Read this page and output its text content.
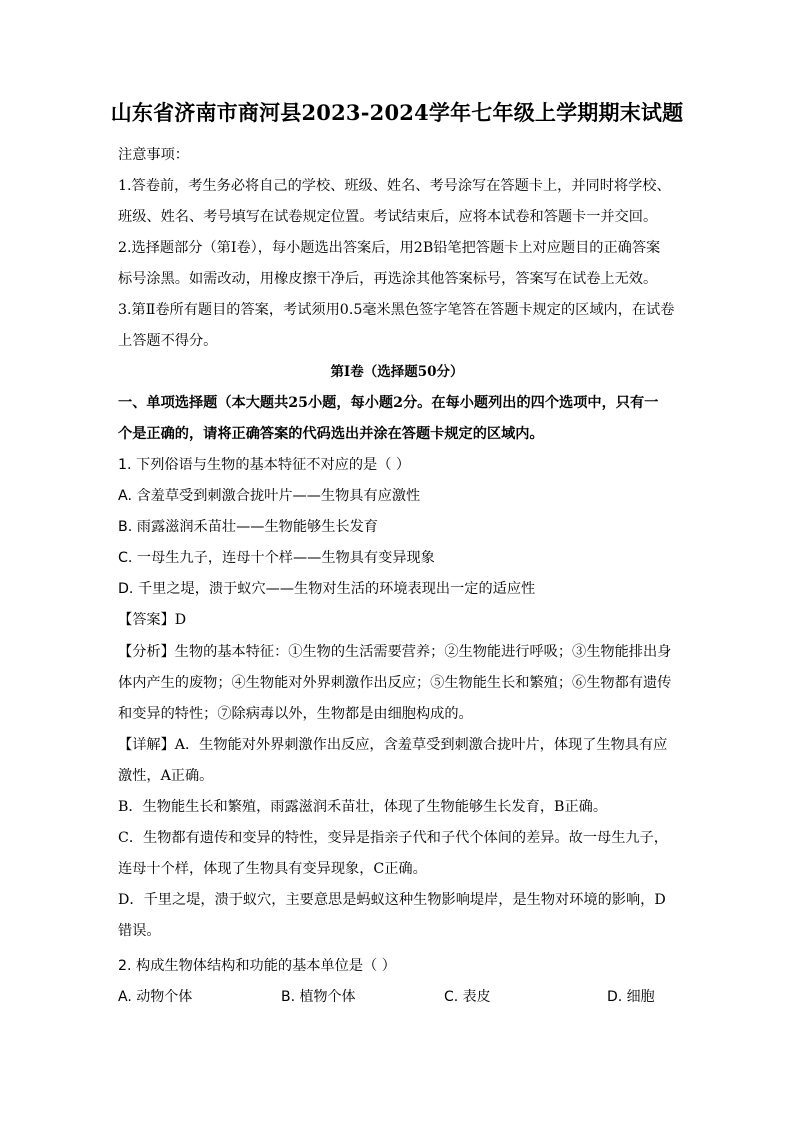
山东省济南市商河县2023-2024学年七年级上学期期末试题
注意事项：
1.答卷前，考生务必将自己的学校、班级、姓名、考号涂写在答题卡上，并同时将学校、
班级、姓名、考号填写在试卷规定位置。考试结束后，应将本试卷和答题卡一并交回。
2.选择题部分（第Ⅰ卷），每小题选出答案后，用2B铅笔把答题卡上对应题目的正确答案
标号涂黑。如需改动，用橡皮擦干净后，再选涂其他答案标号，答案写在试卷上无效。
3.第Ⅱ卷所有题目的答案，考试须用0.5毫米黑色签字笔答在答题卡规定的区域内，在试卷
上答题不得分。
第Ⅰ卷（选择题50分）
一、单项选择题（本大题共25小题，每小题2分。在每小题列出的四个选项中，只有一
个是正确的，请将正确答案的代码选出并涂在答题卡规定的区域内。
1. 下列俗语与生物的基本特征不对应的是（ ）
A. 含羞草受到刺激合拢叶片——生物具有应激性
B. 雨露滋润禾苗壮——生物能够生长发育
C. 一母生九子，连母十个样——生物具有变异现象
D. 千里之堤，溃于蚁穴——生物对生活的环境表现出一定的适应性
【答案】D
【分析】生物的基本特征：①生物的生活需要营养；②生物能进行呼吸；③生物能排出身
体内产生的废物；④生物能对外界刺激作出反应；⑤生物能生长和繁殖；⑥生物都有遗传
和变异的特性；⑦除病毒以外，生物都是由细胞构成的。
【详解】A．生物能对外界刺激作出反应，含羞草受到刺激合拢叶片，体现了生物具有应
激性，A正确。
B．生物能生长和繁殖，雨露滋润禾苗壮，体现了生物能够生长发育，B正确。
C．生物都有遗传和变异的特性，变异是指亲子代和子代个体间的差异。故一母生九子，
连母十个样，体现了生物具有变异现象，C正确。
D．千里之堤，溃于蚁穴，主要意思是蚂蚁这种生物影响堤岸，是生物对环境的影响，D
错误。
2. 构成生物体结构和功能的基本单位是（ ）
A. 动物个体	B. 植物个体	C. 表皮	D. 细胞
